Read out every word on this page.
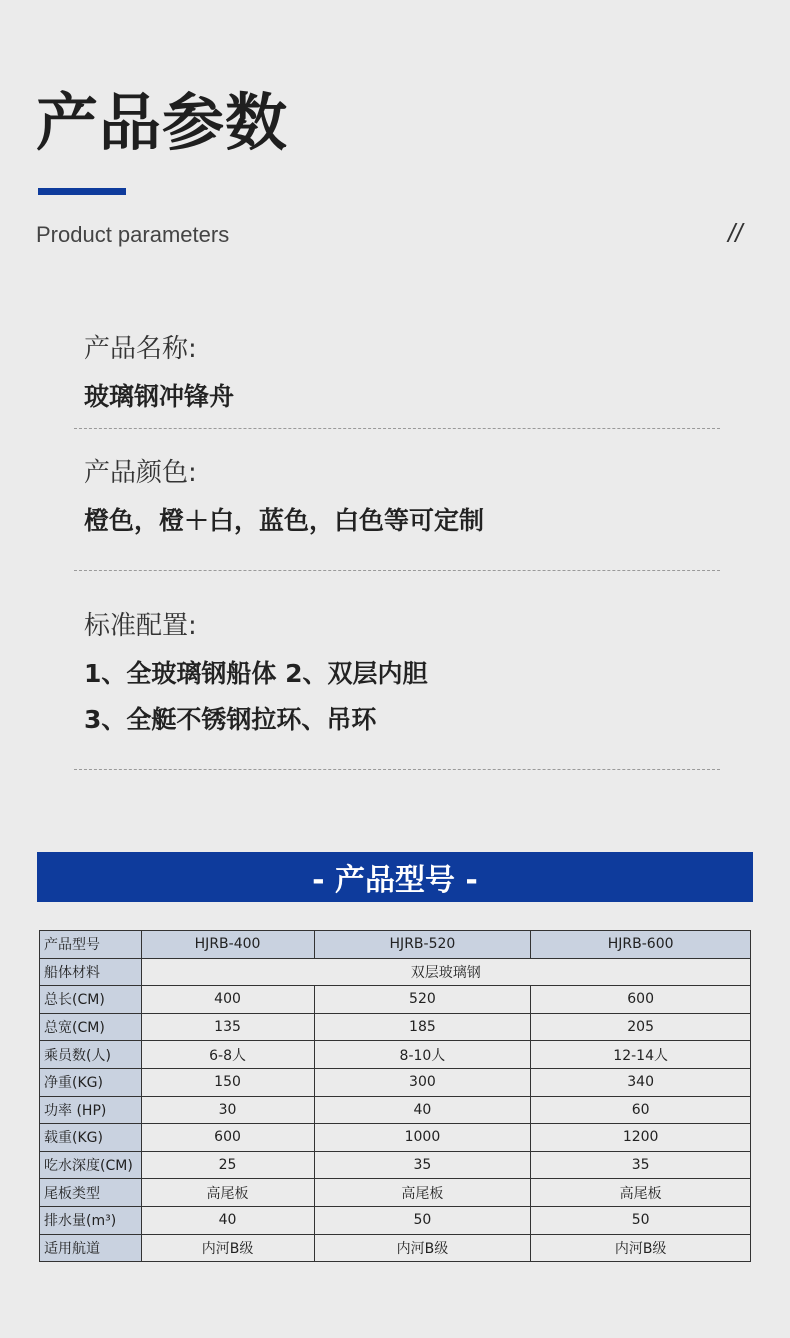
产品参数
Product parameters	//
产品名称:
玻璃钢冲锋舟
产品颜色:
橙色，橙＋白，蓝色，白色等可定制
标准配置:
1、全玻璃钢船体 2、双层内胆
3、全艇不锈钢拉环、吊环
- 产品型号 -
产品型号	HJRB-400	HJRB-520	HJRB-600
船体材料	双层玻璃钢		
总长(CM)	400	520	600
总宽(CM)	135	185	205
乘员数(人)	6-8人	8-10人	12-14人
净重(KG)	150	300	340
功率 (HP)	30	40	60
载重(KG)	600	1000	1200
吃水深度(CM)	25	35	35
尾板类型	高尾板	高尾板	高尾板
排水量(m³)	40	50	50
适用航道	内河B级	内河B级	内河B级
